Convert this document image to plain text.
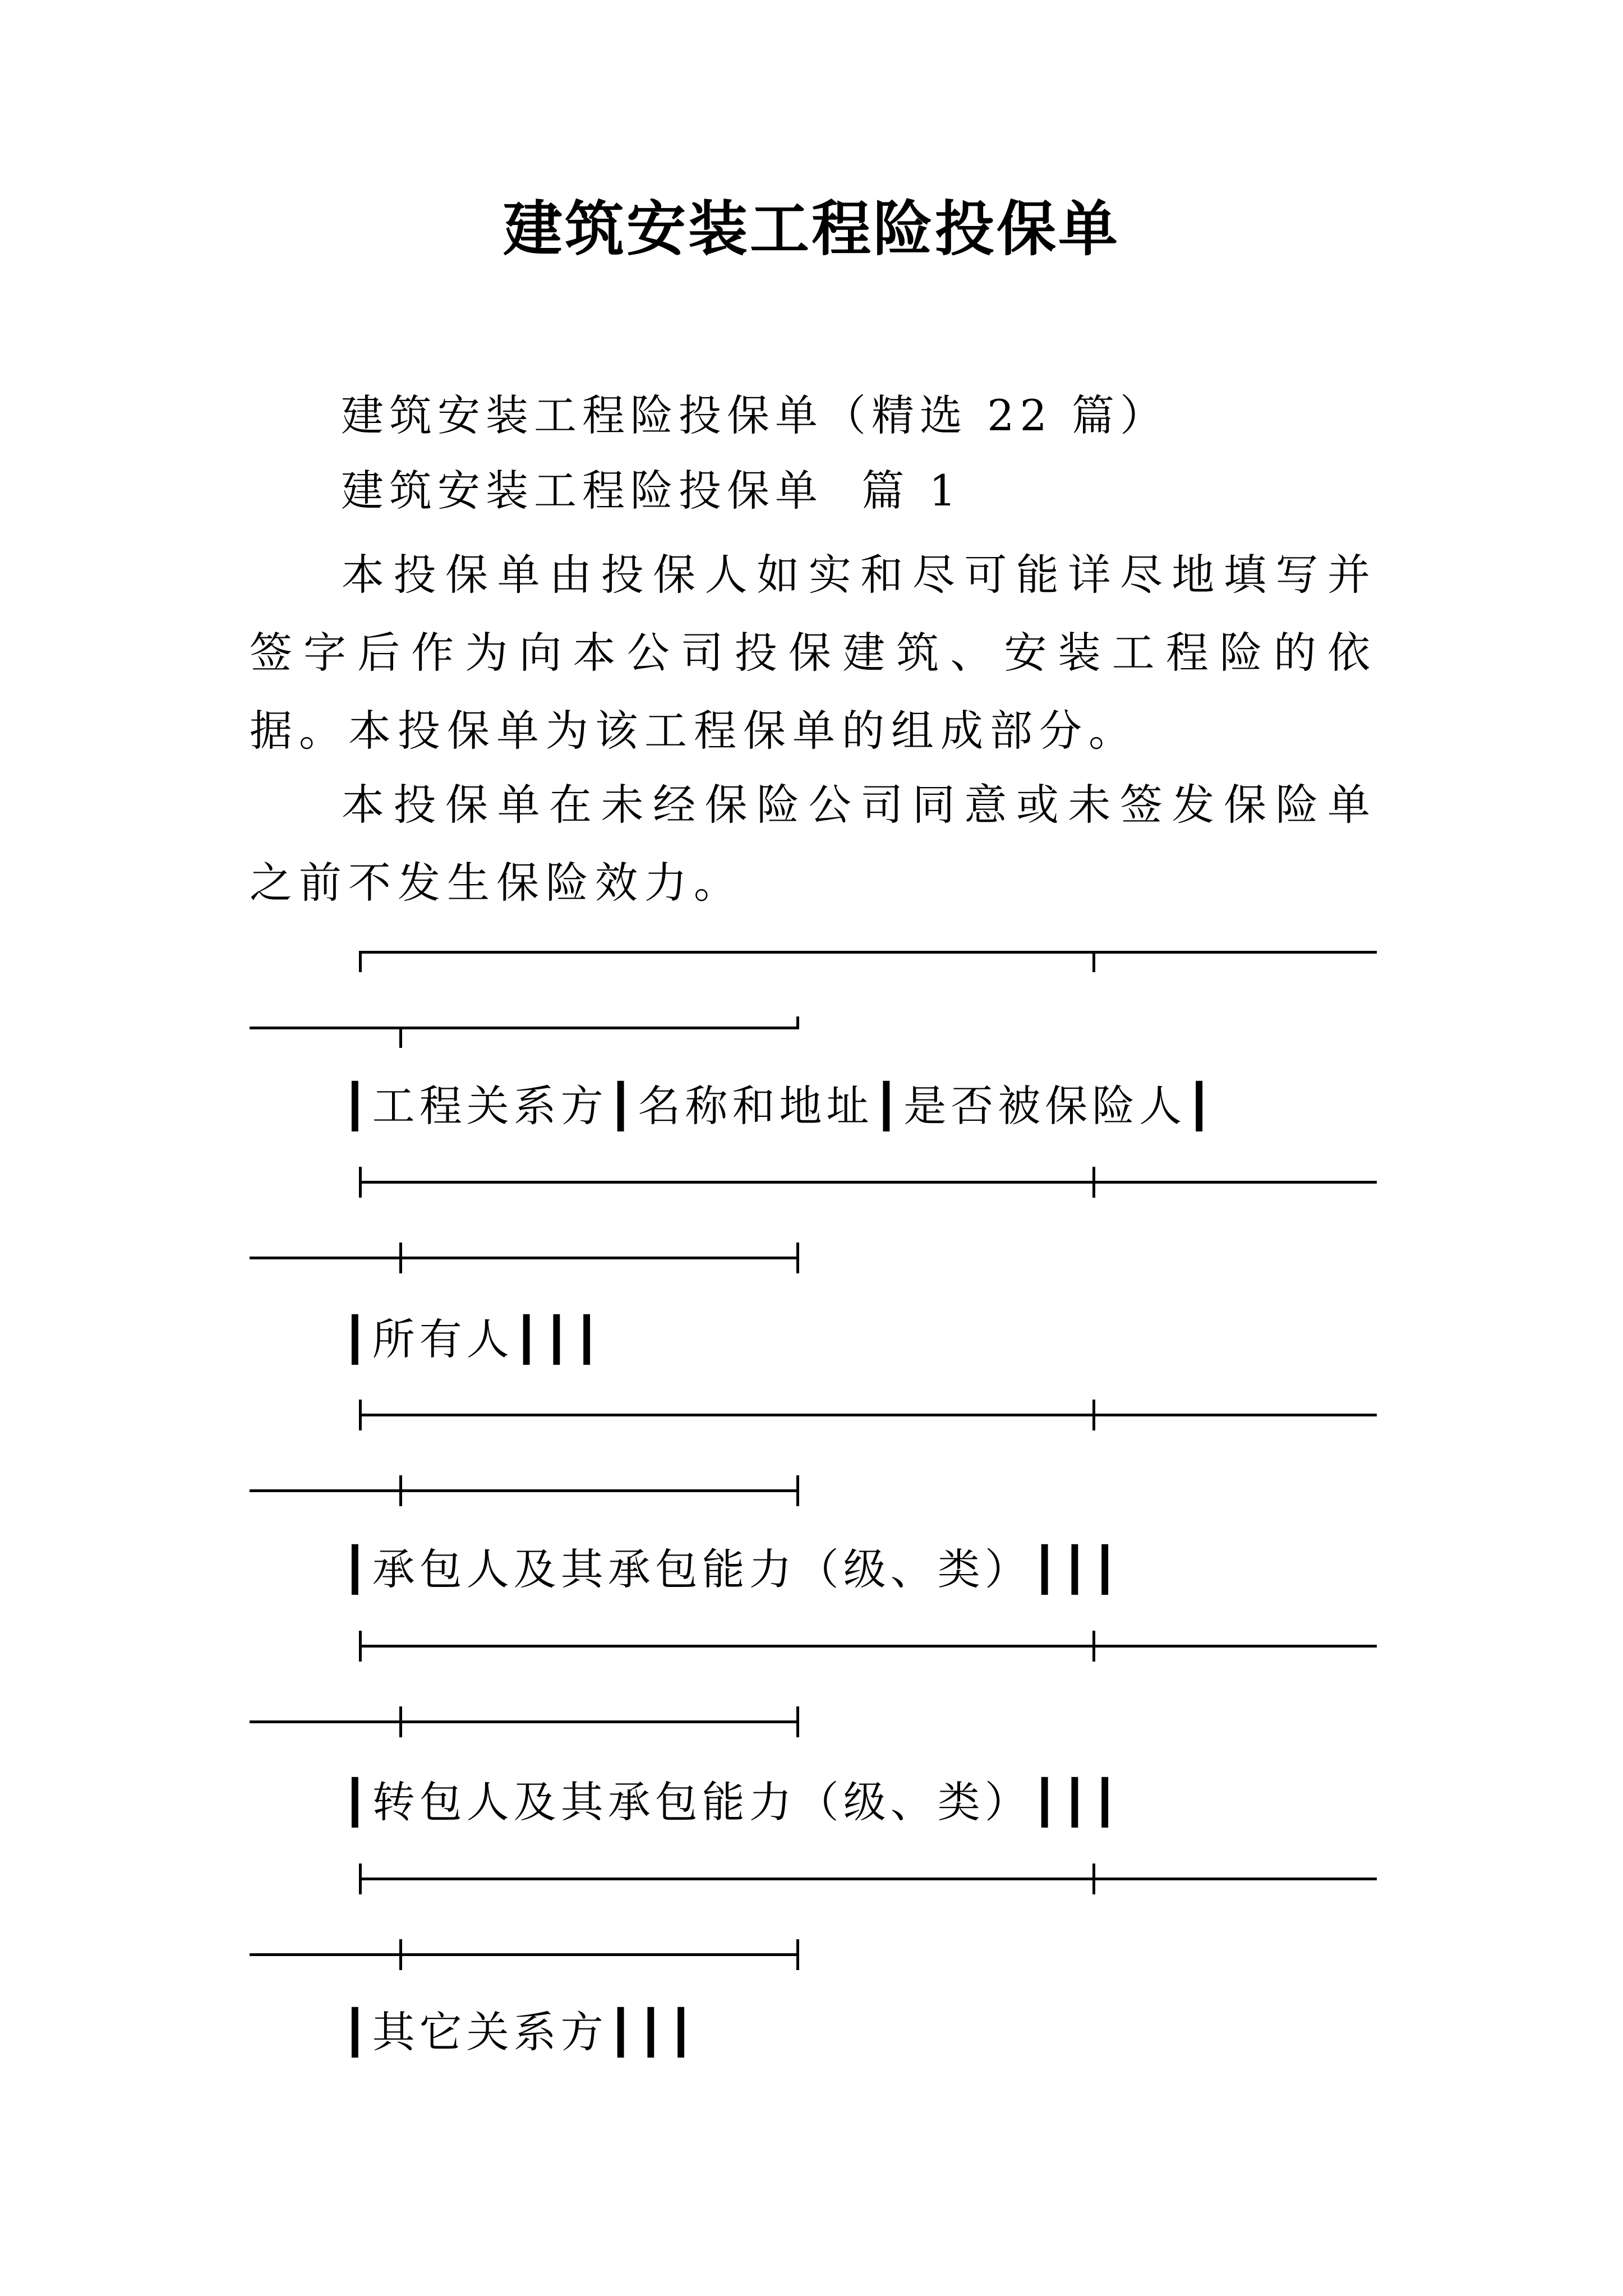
建筑安装工程险投保单
建筑安装工程险投保单（精选 22 篇）
建筑安装工程险投保单  篇 1
本投保单由投保人如实和尽可能详尽地填写并签字后作为向本公司投保建筑、安装工程险的依据。本投保单为该工程保单的组成部分。
本投保单在未经保险公司同意或未签发保险单之前不发生保险效力。
┃工程关系方┃名称和地址┃是否被保险人┃
┃所有人┃┃┃
┃承包人及其承包能力（级、类）┃┃┃
┃转包人及其承包能力（级、类）┃┃┃
┃其它关系方┃┃┃
